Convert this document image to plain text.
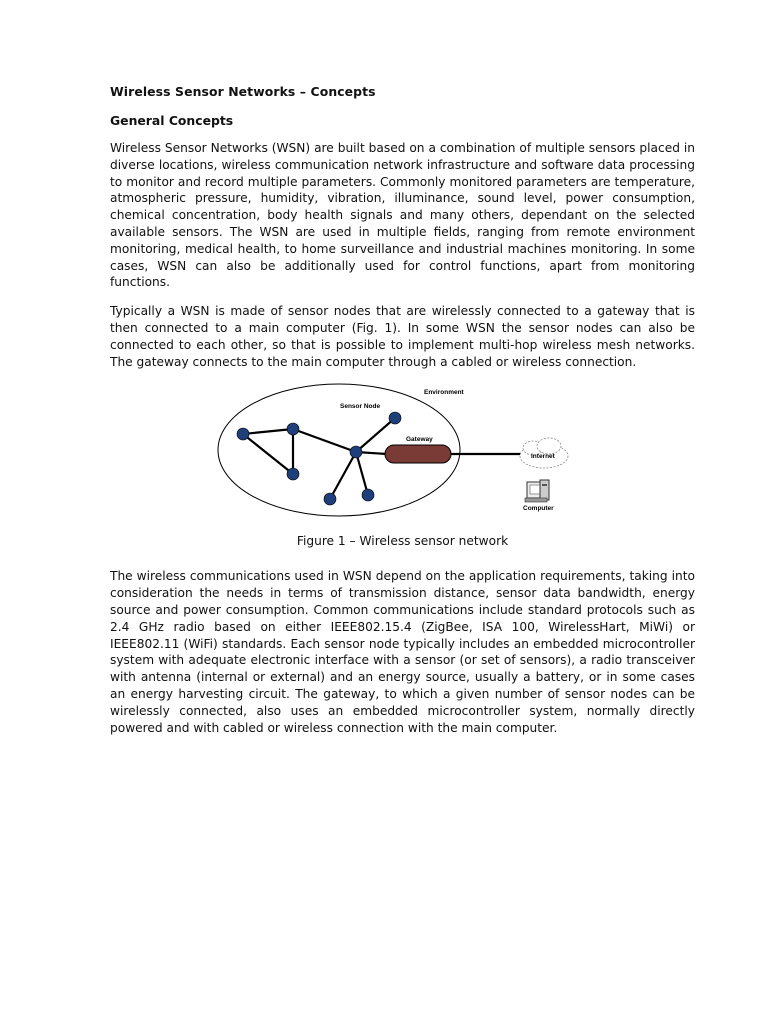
Wireless Sensor Networks – Concepts
General Concepts

Wireless Sensor Networks (WSN) are built based on a combination of multiple sensors placed in diverse locations, wireless communication network infrastructure and software data processing to monitor and record multiple parameters. Commonly monitored parameters are temperature, atmospheric pressure, humidity, vibration, illuminance, sound level, power consumption, chemical concentration, body health signals and many others, dependant on the selected available sensors. The WSN are used in multiple fields, ranging from remote environment monitoring, medical health, to home surveillance and industrial machines monitoring. In some cases, WSN can also be additionally used for control functions, apart from monitoring functions.

Typically a WSN is made of sensor nodes that are wirelessly connected to a gateway that is then connected to a main computer (Fig. 1). In some WSN the sensor nodes can also be connected to each other, so that is possible to implement multi-hop wireless mesh networks. The gateway connects to the main computer through a cabled or wireless connection.

Environment
Sensor Node
Gateway
Internet
Computer
Figure 1 – Wireless sensor network

The wireless communications used in WSN depend on the application requirements, taking into consideration the needs in terms of transmission distance, sensor data bandwidth, energy source and power consumption. Common communications include standard protocols such as 2.4 GHz radio based on either IEEE802.15.4 (ZigBee, ISA 100, WirelessHart, MiWi) or IEEE802.11 (WiFi) standards. Each sensor node typically includes an embedded microcontroller system with adequate electronic interface with a sensor (or set of sensors), a radio transceiver with antenna (internal or external) and an energy source, usually a battery, or in some cases an energy harvesting circuit. The gateway, to which a given number of sensor nodes can be wirelessly connected, also uses an embedded microcontroller system, normally directly powered and with cabled or wireless connection with the main computer.
